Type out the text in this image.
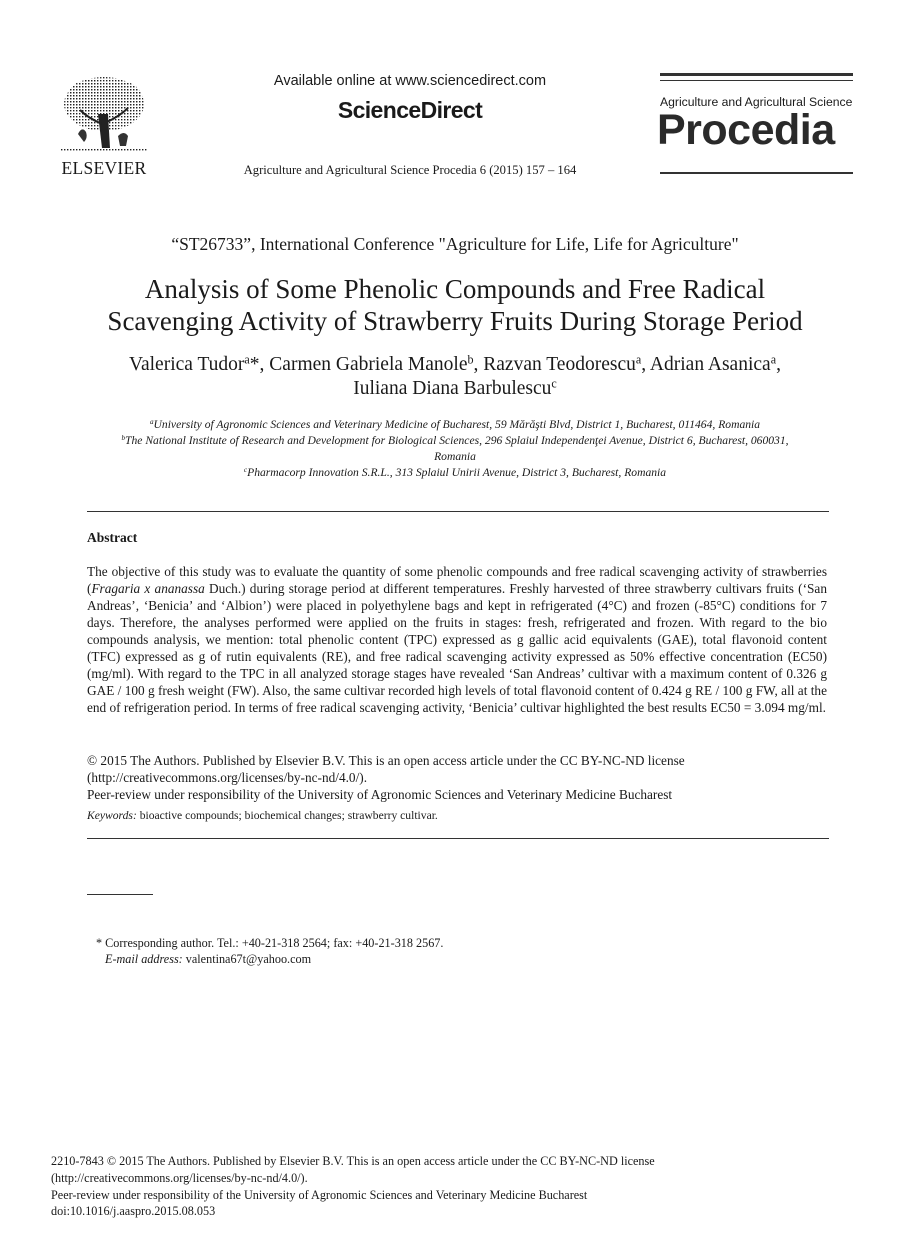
ELSEVIER
Available online at www.sciencedirect.com
ScienceDirect
Agriculture and Agricultural Science Procedia 6 (2015) 157 – 164
Agriculture and Agricultural Science
Procedia
“ST26733”, International Conference "Agriculture for Life, Life for Agriculture"
Analysis of Some Phenolic Compounds and Free Radical
Scavenging Activity of Strawberry Fruits During Storage Period
Valerica Tudor$^a$*, Carmen Gabriela Manole$^b$, Razvan Teodorescu$^a$, Adrian Asanica$^a$,
Iuliana Diana Barbulescu$^c$
$^a$University of Agronomic Sciences and Veterinary Medicine of Bucharest, 59 Mărăşti Blvd, District 1, Bucharest, 011464, Romania
$^b$The National Institute of Research and Development for Biological Sciences, 296 Splaiul Independenţei Avenue, District 6, Bucharest, 060031,
Romania
$^c$Pharmacorp Innovation S.R.L., 313 Splaiul Unirii Avenue, District 3, Bucharest, Romania
Abstract
The objective of this study was to evaluate the quantity of some phenolic compounds and free radical scavenging activity of strawberries (Fragaria x ananassa Duch.) during storage period at different temperatures. Freshly harvested of three strawberry cultivars fruits (‘San Andreas’, ‘Benicia’ and ‘Albion’) were placed in polyethylene bags and kept in refrigerated (4°C) and frozen (-85°C) conditions for 7 days. Therefore, the analyses performed were applied on the fruits in stages: fresh, refrigerated and frozen. With regard to the bio compounds analysis, we mention: total phenolic content (TPC) expressed as g gallic acid equivalents (GAE), total flavonoid content (TFC) expressed as g of rutin equivalents (RE), and free radical scavenging activity expressed as 50% effective concentration (EC50) (mg/ml). With regard to the TPC in all analyzed storage stages have revealed ‘San Andreas’ cultivar with a maximum content of 0.326 g GAE / 100 g fresh weight (FW). Also, the same cultivar recorded high levels of total flavonoid content of 0.424 g RE / 100 g FW, all at the end of refrigeration period. In terms of free radical scavenging activity, ‘Benicia’ cultivar highlighted the best results EC50 = 3.094 mg/ml.
© 2015 The Authors. Published by Elsevier B.V. This is an open access article under the CC BY-NC-ND license
(http://creativecommons.org/licenses/by-nc-nd/4.0/).
Peer-review under responsibility of the University of Agronomic Sciences and Veterinary Medicine Bucharest
Keywords: bioactive compounds; biochemical changes; strawberry cultivar.
* Corresponding author. Tel.: +40-21-318 2564; fax: +40-21-318 2567.
E-mail address: valentina67t@yahoo.com
2210-7843 © 2015 The Authors. Published by Elsevier B.V. This is an open access article under the CC BY-NC-ND license
(http://creativecommons.org/licenses/by-nc-nd/4.0/).
Peer-review under responsibility of the University of Agronomic Sciences and Veterinary Medicine Bucharest
doi:10.1016/j.aaspro.2015.08.053
